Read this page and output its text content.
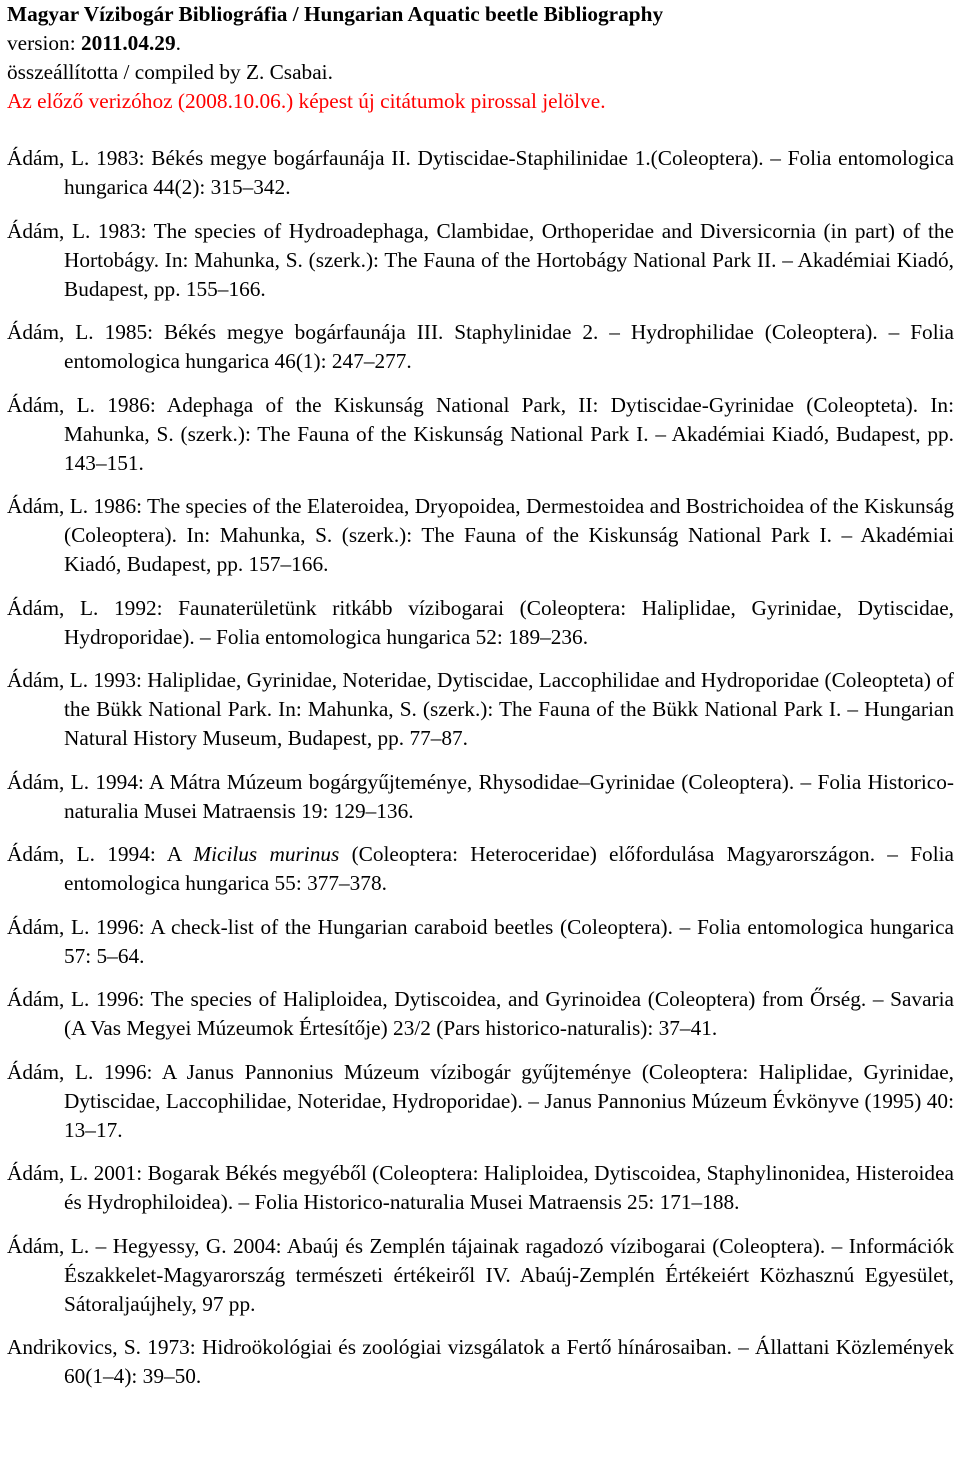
Magyar Vízibogár Bibliográfia / Hungarian Aquatic beetle Bibliography
version: 2011.04.29.
összeállította / compiled by Z. Csabai.
Az előző verizóhoz (2008.10.06.) képest új citátumok pirossal jelölve.

Ádám, L. 1983: Békés megye bogárfaunája II. Dytiscidae-Staphilinidae 1.(Coleoptera). – Folia entomologica hungarica 44(2): 315–342.

Ádám, L. 1983: The species of Hydroadephaga, Clambidae, Orthoperidae and Diversicornia (in part) of the Hortobágy. In: Mahunka, S. (szerk.): The Fauna of the Hortobágy National Park II. – Akadémiai Kiadó, Budapest, pp. 155–166.

Ádám, L. 1985: Békés megye bogárfaunája III. Staphylinidae 2. – Hydrophilidae (Coleoptera). – Folia entomologica hungarica 46(1): 247–277.

Ádám, L. 1986: Adephaga of the Kiskunság National Park, II: Dytiscidae-Gyrinidae (Coleopteta). In: Mahunka, S. (szerk.): The Fauna of the Kiskunság National Park I. – Akadémiai Kiadó, Budapest, pp. 143–151.

Ádám, L. 1986: The species of the Elateroidea, Dryopoidea, Dermestoidea and Bostrichoidea of the Kiskunság (Coleoptera). In: Mahunka, S. (szerk.): The Fauna of the Kiskunság National Park I. – Akadémiai Kiadó, Budapest, pp. 157–166.

Ádám, L. 1992: Faunaterületünk ritkább vízibogarai (Coleoptera: Haliplidae, Gyrinidae, Dytiscidae, Hydroporidae). – Folia entomologica hungarica 52: 189–236.

Ádám, L. 1993: Haliplidae, Gyrinidae, Noteridae, Dytiscidae, Laccophilidae and Hydroporidae (Coleopteta) of the Bükk National Park. In: Mahunka, S. (szerk.): The Fauna of the Bükk National Park I. – Hungarian Natural History Museum, Budapest, pp. 77–87.

Ádám, L. 1994: A Mátra Múzeum bogárgyűjteménye, Rhysodidae–Gyrinidae (Coleoptera). – Folia Historico-naturalia Musei Matraensis 19: 129–136.

Ádám, L. 1994: A Micilus murinus (Coleoptera: Heteroceridae) előfordulása Magyarországon. – Folia entomologica hungarica 55: 377–378.

Ádám, L. 1996: A check-list of the Hungarian caraboid beetles (Coleoptera). – Folia entomologica hungarica 57: 5–64.

Ádám, L. 1996: The species of Haliploidea, Dytiscoidea, and Gyrinoidea (Coleoptera) from Őrség. – Savaria (A Vas Megyei Múzeumok Értesítője) 23/2 (Pars historico-naturalis): 37–41.

Ádám, L. 1996: A Janus Pannonius Múzeum vízibogár gyűjteménye (Coleoptera: Haliplidae, Gyrinidae, Dytiscidae, Laccophilidae, Noteridae, Hydroporidae). – Janus Pannonius Múzeum Évkönyve (1995) 40: 13–17.

Ádám, L. 2001: Bogarak Békés megyéből (Coleoptera: Haliploidea, Dytiscoidea, Staphylinonidea, Histeroidea és Hydrophiloidea). – Folia Historico-naturalia Musei Matraensis 25: 171–188.

Ádám, L. – Hegyessy, G. 2004: Abaúj és Zemplén tájainak ragadozó vízibogarai (Coleoptera). – Információk Északkelet-Magyarország természeti értékeiről IV. Abaúj-Zemplén Értékeiért Közhasznú Egyesület, Sátoraljaújhely, 97 pp.

Andrikovics, S. 1973: Hidroökológiai és zoológiai vizsgálatok a Fertő hínárosaiban. – Állattani Közlemények 60(1–4): 39–50.
